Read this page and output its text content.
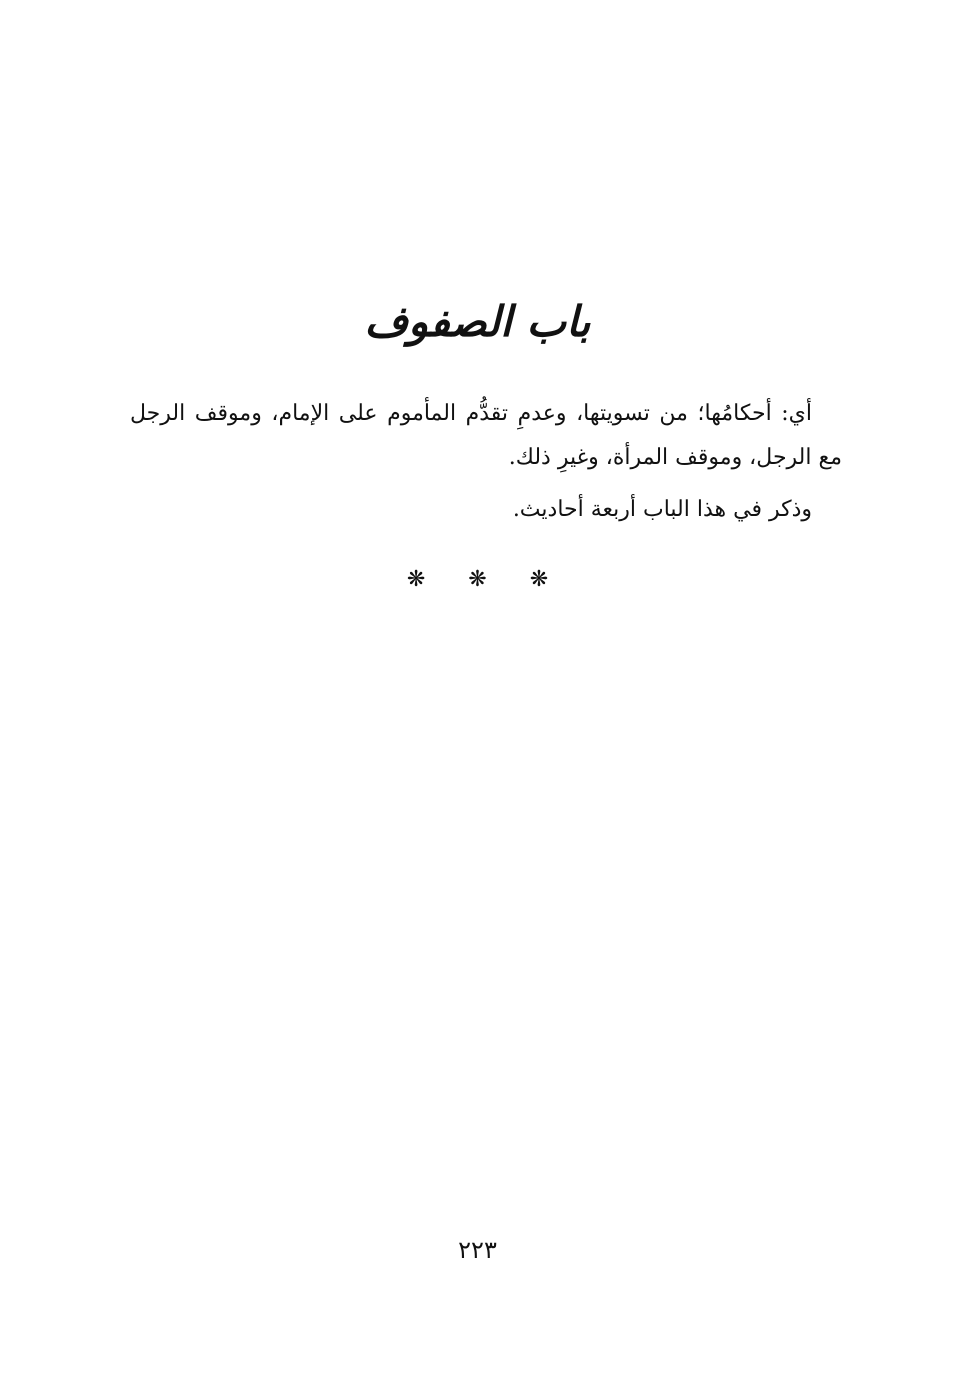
باب الصفوف

أي: أحكامُها؛ من تسويتها، وعدمِ تقدُّم المأموم على الإمام، وموقف الرجل مع الرجل، وموقف المرأة، وغيرِ ذلك.

وذكر في هذا الباب أربعة أحاديث.

❋ ❋ ❋
٢٢٣
